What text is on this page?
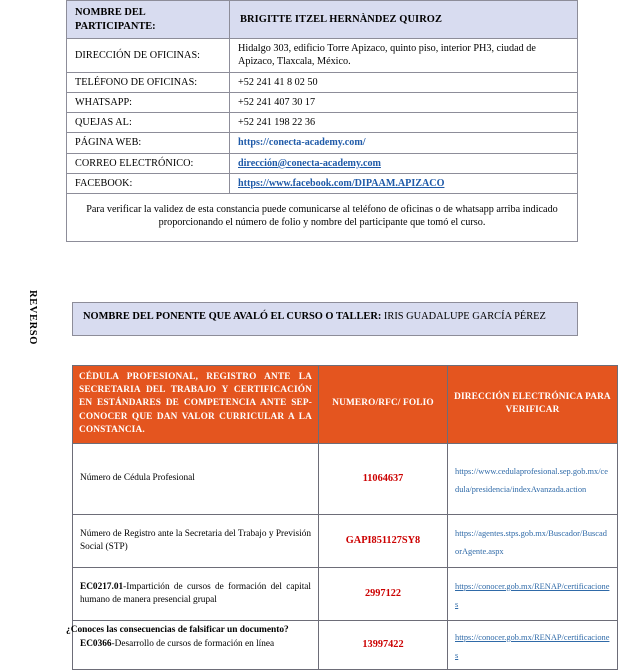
NOMBRE DEL PARTICIPANTE:	BRIGITTE ITZEL HERNÀNDEZ QUIROZ
DIRECCIÓN DE OFICINAS:	Hidalgo 303, edificio Torre Apizaco, quinto piso, interior PH3, ciudad de Apizaco, Tlaxcala, México.
TELÉFONO DE OFICINAS:	+52 241 41 8 02 50
WHATSAPP:	+52 241 407 30 17
QUEJAS AL:	+52 241 198 22 36
PÁGINA WEB:	https://conecta-academy.com/
CORREO ELECTRÓNICO:	dirección@conecta-academy.com
FACEBOOK:	https://www.facebook.com/DIPAAM.APIZACO
Para verificar la validez de esta constancia puede comunicarse al teléfono de oficinas o de whatsapp arriba indicado proporcionando el número de folio y nombre del participante que tomó el curso.	
REVERSO	NOMBRE DEL PONENTE QUE AVALÓ EL CURSO O TALLER: IRIS GUADALUPE GARCÍA PÉREZ
CÉDULA PROFESIONAL, REGISTRO ANTE LA SECRETARIA DEL TRABAJO Y CERTIFICACIÓN EN ESTÁNDARES DE COMPETENCIA ANTE SEP-CONOCER QUE DAN VALOR CURRICULAR A LA CONSTANCIA.	NUMERO/RFC/ FOLIO	DIRECCIÓN ELECTRÓNICA PARA VERIFICAR
Número de Cédula Profesional	11064637	https://www.cedulaprofesional.sep.gob.mx/cedula/presidencia/indexAvanzada.action
Número de Registro ante la Secretaria del Trabajo y Previsión Social (STP)	GAPI851127SY8	https://agentes.stps.gob.mx/Buscador/BuscadorAgente.aspx
EC0217.01-Impartición de cursos de formación del capital humano de manera presencial grupal	2997122	https://conocer.gob.mx/RENAP/certificaciones
EC0366-Desarrollo de cursos de formación en línea	13997422	https://conocer.gob.mx/RENAP/certificaciones
¿Conoces las consecuencias de falsificar un documento?
